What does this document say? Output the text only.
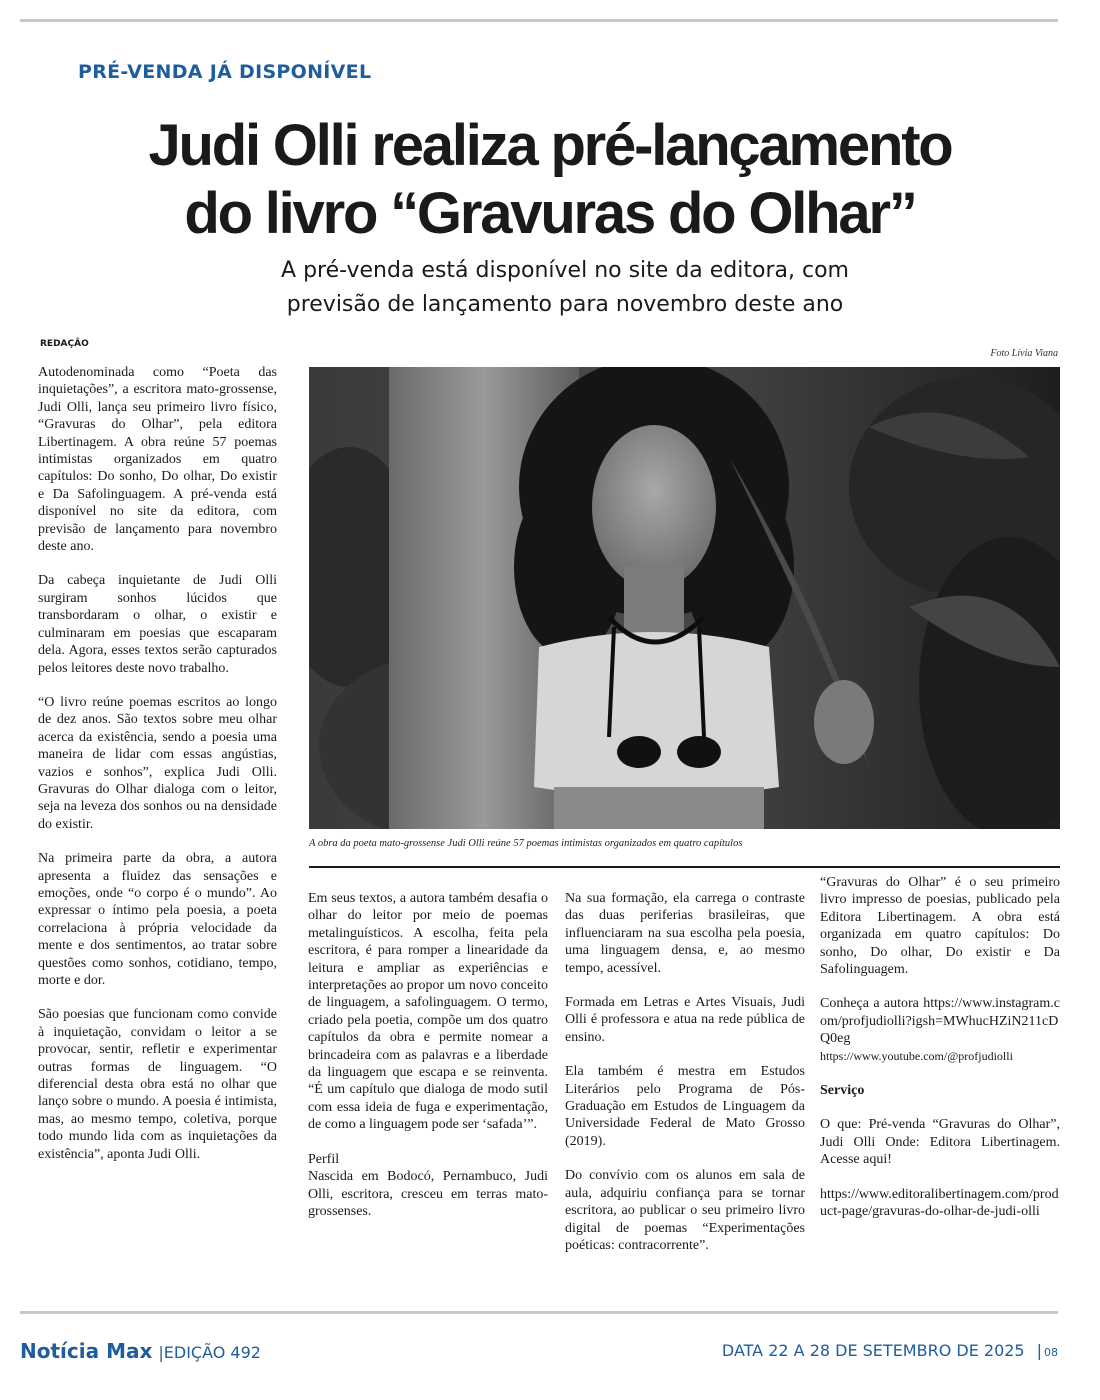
PRÉ-VENDA JÁ DISPONÍVEL
Judi Olli realiza pré-lançamento
do livro “Gravuras do Olhar”
A pré-venda está disponível no site da editora, com
previsão de lançamento para novembro deste ano
REDAÇÃO
Foto Lívia Viana

Autodenominada como “Poeta das inquietações”, a escritora mato-grossense, Judi Olli, lança seu primeiro livro físico, “Gravuras do Olhar”, pela editora Libertinagem. A obra reúne 57 poemas intimistas organizados em quatro capítulos: Do sonho, Do olhar, Do existir e Da Safolinguagem. A pré-venda está disponível no site da editora, com previsão de lançamento para novembro deste ano.

Da cabeça inquietante de Judi Olli surgiram sonhos lúcidos que transbordaram o olhar, o existir e culminaram em poesias que escaparam dela. Agora, esses textos serão capturados pelos leitores deste novo trabalho.

“O livro reúne poemas escritos ao longo de dez anos. São textos sobre meu olhar acerca da existência, sendo a poesia uma maneira de lidar com essas angústias, vazios e sonhos”, explica Judi Olli. Gravuras do Olhar dialoga com o leitor, seja na leveza dos sonhos ou na densidade do existir.

Na primeira parte da obra, a autora apresenta a fluidez das sensações e emoções, onde “o corpo é o mundo”. Ao expressar o íntimo pela poesia, a poeta correlaciona à própria velocidade da mente e dos sentimentos, ao tratar sobre questões como sonhos, cotidiano, tempo, morte e dor.

São poesias que funcionam como convide à inquietação, convidam o leitor a se provocar, sentir, refletir e experimentar outras formas de linguagem. “O diferencial desta obra está no olhar que lanço sobre o mundo. A poesia é intimista, mas, ao mesmo tempo, coletiva, porque todo mundo lida com as inquietações da existência”, aponta Judi Olli.

A obra da poeta mato-grossense Judi Olli reúne 57 poemas intimistas organizados em quatro capítulos

Em seus textos, a autora também desafia o olhar do leitor por meio de poemas metalinguísticos. A escolha, feita pela escritora, é para romper a linearidade da leitura e ampliar as experiências e interpretações ao propor um novo conceito de linguagem, a safolinguagem. O termo, criado pela poetia, compõe um dos quatro capítulos da obra e permite nomear a brincadeira com as palavras e a liberdade da linguagem que escapa e se reinventa. “É um capítulo que dialoga de modo sutil com essa ideia de fuga e experimentação, de como a linguagem pode ser ‘safada’”.

Perfil

Nascida em Bodocó, Pernambuco, Judi Olli, escritora, cresceu em terras mato-grossenses.

Na sua formação, ela carrega o contraste das duas periferias brasileiras, que influenciaram na sua escolha pela poesia, uma linguagem densa, e, ao mesmo tempo, acessível.

Formada em Letras e Artes Visuais, Judi Olli é professora e atua na rede pública de ensino.

Ela também é mestra em Estudos Literários pelo Programa de Pós-Graduação em Estudos de Linguagem da Universidade Federal de Mato Grosso (2019).

Do convívio com os alunos em sala de aula, adquiriu confiança para se tornar escritora, ao publicar o seu primeiro livro digital de poemas “Experimentações poéticas: contracorrente”.

“Gravuras do Olhar” é o seu primeiro livro impresso de poesias, publicado pela Editora Libertinagem. A obra está organizada em quatro capítulos: Do sonho, Do olhar, Do existir e Da Safolinguagem.

Conheça a autora https://www.instagram.com/profjudiolli?igsh=MWhucHZiN211cDQ0eg

https://www.youtube.com/@profjudiolli

Serviço

O que: Pré-venda “Gravuras do Olhar”, Judi Olli Onde: Editora Libertinagem. Acesse aqui!

https://www.editoralibertinagem.com/product-page/gravuras-do-olhar-de-judi-olli

Notícia Max |EDIÇÃO 492	DATA 22 A 28 DE SETEMBRO DE 2025 | 08
